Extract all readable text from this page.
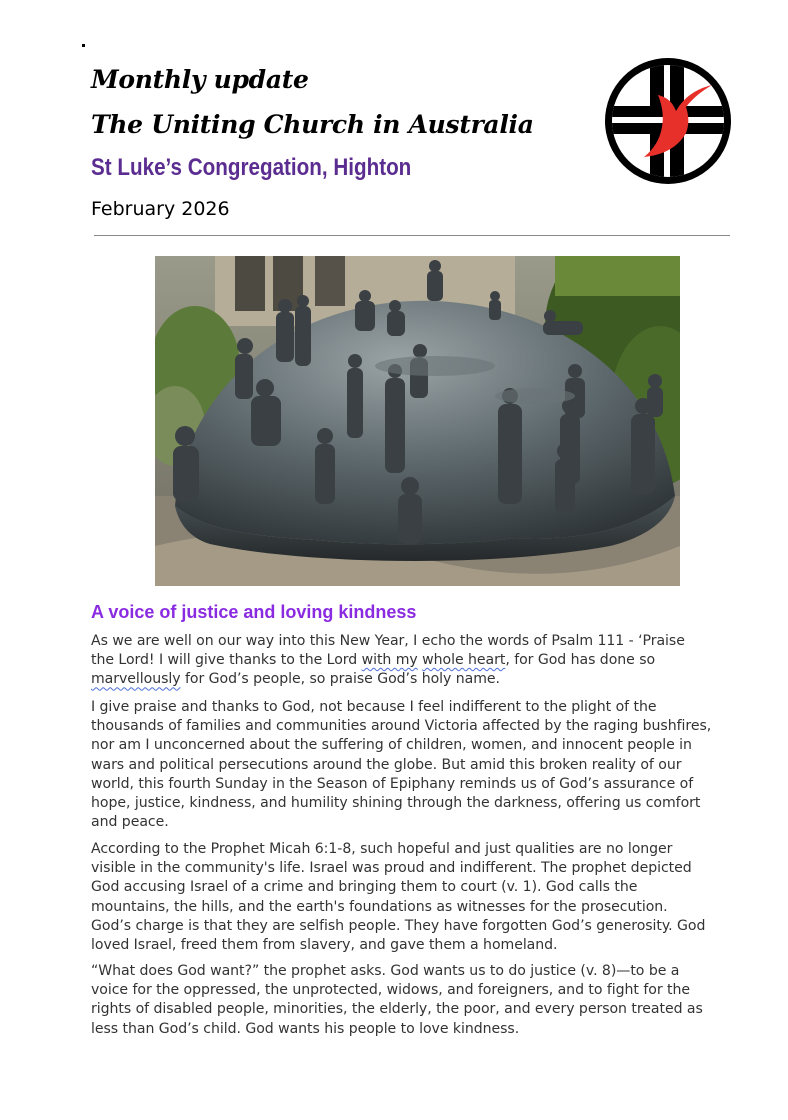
Monthly update
The Uniting Church in Australia
St Luke’s Congregation, Highton
February 2026
A voice of justice and loving kindness
As we are well on our way into this New Year, I echo the words of Psalm 111 - ‘Praise
the Lord! I will give thanks to the Lord with my whole heart, for God has done so
marvellously for God’s people, so praise God’s holy name.
I give praise and thanks to God, not because I feel indifferent to the plight of the
thousands of families and communities around Victoria affected by the raging bushfires,
nor am I unconcerned about the suffering of children, women, and innocent people in
wars and political persecutions around the globe. But amid this broken reality of our
world, this fourth Sunday in the Season of Epiphany reminds us of God’s assurance of
hope, justice, kindness, and humility shining through the darkness, offering us comfort
and peace.
According to the Prophet Micah 6:1-8, such hopeful and just qualities are no longer
visible in the community's life. Israel was proud and indifferent. The prophet depicted
God accusing Israel of a crime and bringing them to court (v. 1). God calls the
mountains, the hills, and the earth's foundations as witnesses for the prosecution.
God’s charge is that they are selfish people. They have forgotten God’s generosity. God
loved Israel, freed them from slavery, and gave them a homeland.
“What does God want?” the prophet asks. God wants us to do justice (v. 8)—to be a
voice for the oppressed, the unprotected, widows, and foreigners, and to fight for the
rights of disabled people, minorities, the elderly, the poor, and every person treated as
less than God’s child. God wants his people to love kindness.
